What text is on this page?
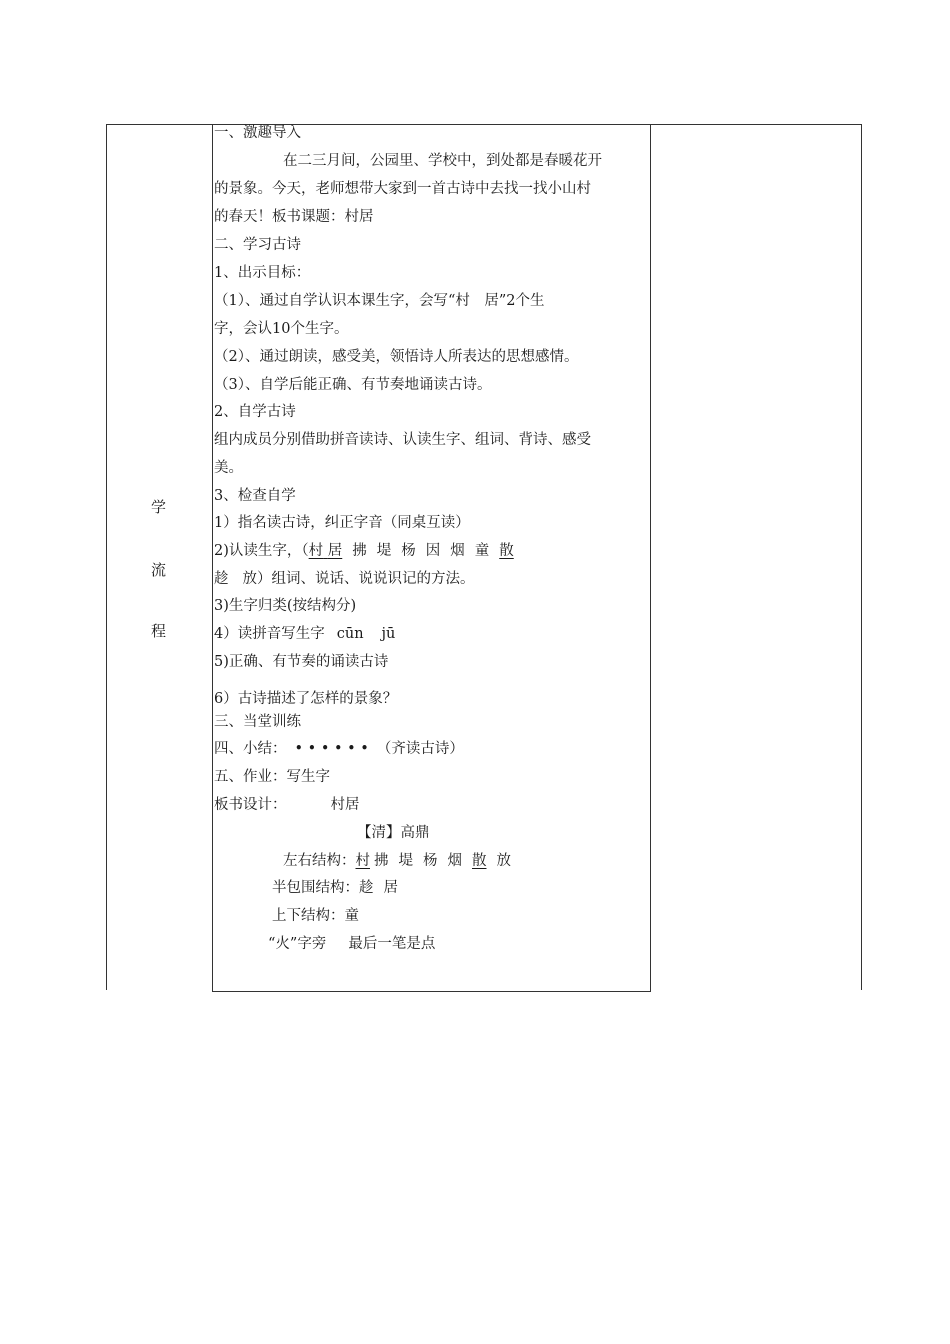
学
流
程
一、激趣导入
在二三月间，公园里、学校中，到处都是春暖花开
的景象。今天，老师想带大家到一首古诗中去找一找小山村
的春天！板书课题：村居
二、学习古诗
1、出示目标：
（1）、通过自学认识本课生字，会写“村　居”2个生
字，会认10个生字。
（2）、通过朗读，感受美，领悟诗人所表达的思想感情。
（3）、自学后能正确、有节奏地诵读古诗。
2、自学古诗
组内成员分别借助拼音读诗、认读生字、组词、背诗、感受
美。
3、检查自学
1）指名读古诗，纠正字音（同桌互读）
2)认读生字，（村 居 拂 堤 杨 因 烟 童 散
趁 放）组词、说话、说说识记的方法。
3)生字归类(按结构分)
4）读拼音写生字 cūn jū
5)正确、有节奏的诵读古诗
6）古诗描述了怎样的景象？
三、当堂训练
四、小结： • • • • • • （齐读古诗）
五、作业：写生字
板书设计：	村居
【清】高鼎
左右结构：村 拂 堤 杨 烟 散 放
半包围结构：趁 居
上下结构：童
“火”字旁 最后一笔是点
